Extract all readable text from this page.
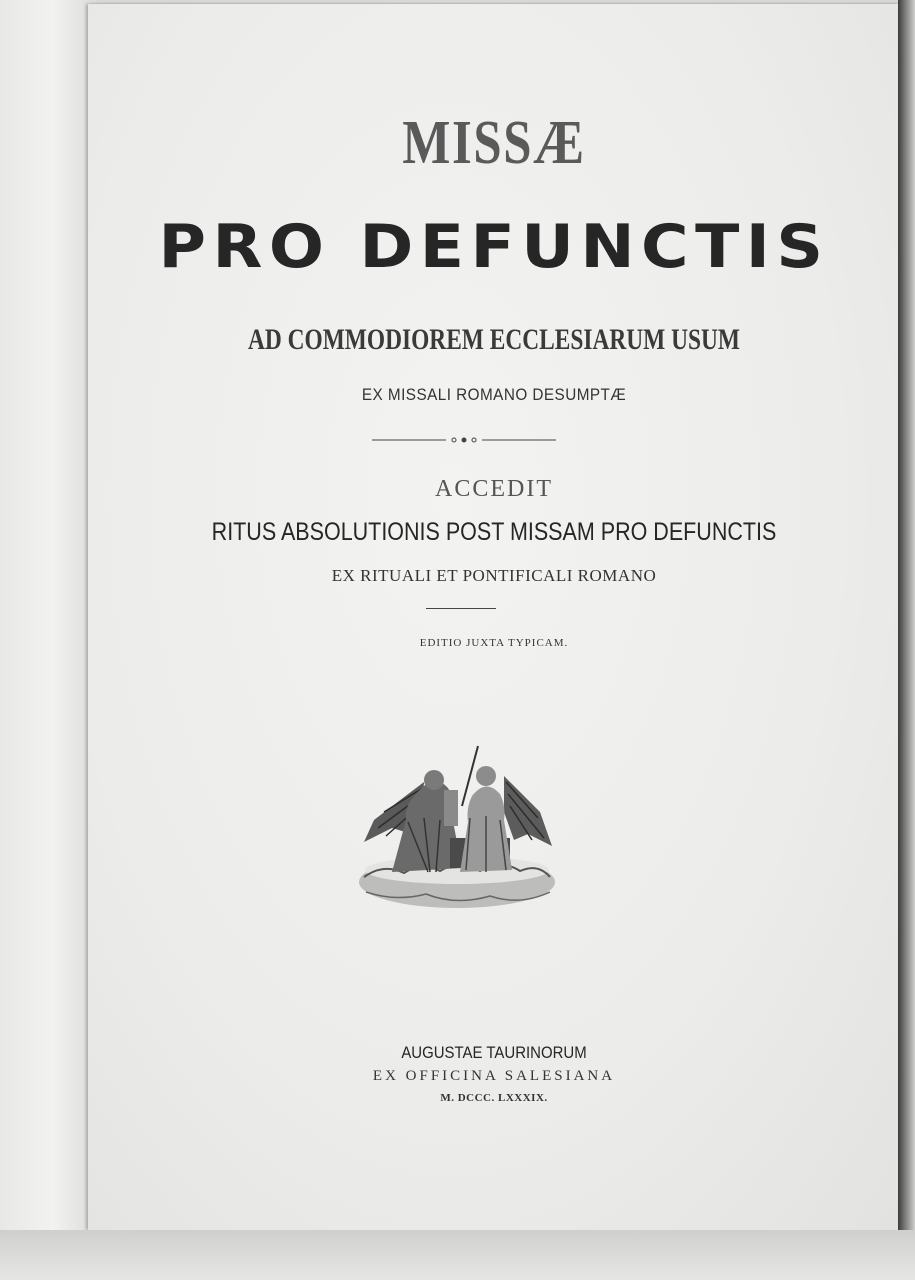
MISSÆ
PRO DEFUNCTIS
AD COMMODIOREM ECCLESIARUM USUM
EX MISSALI ROMANO DESUMPTÆ
ACCEDIT
RITUS ABSOLUTIONIS POST MISSAM PRO DEFUNCTIS
EX RITUALI ET PONTIFICALI ROMANO
EDITIO JUXTA TYPICAM.
AUGUSTAE TAURINORUM
EX OFFICINA SALESIANA
M. DCCC. LXXXIX.
